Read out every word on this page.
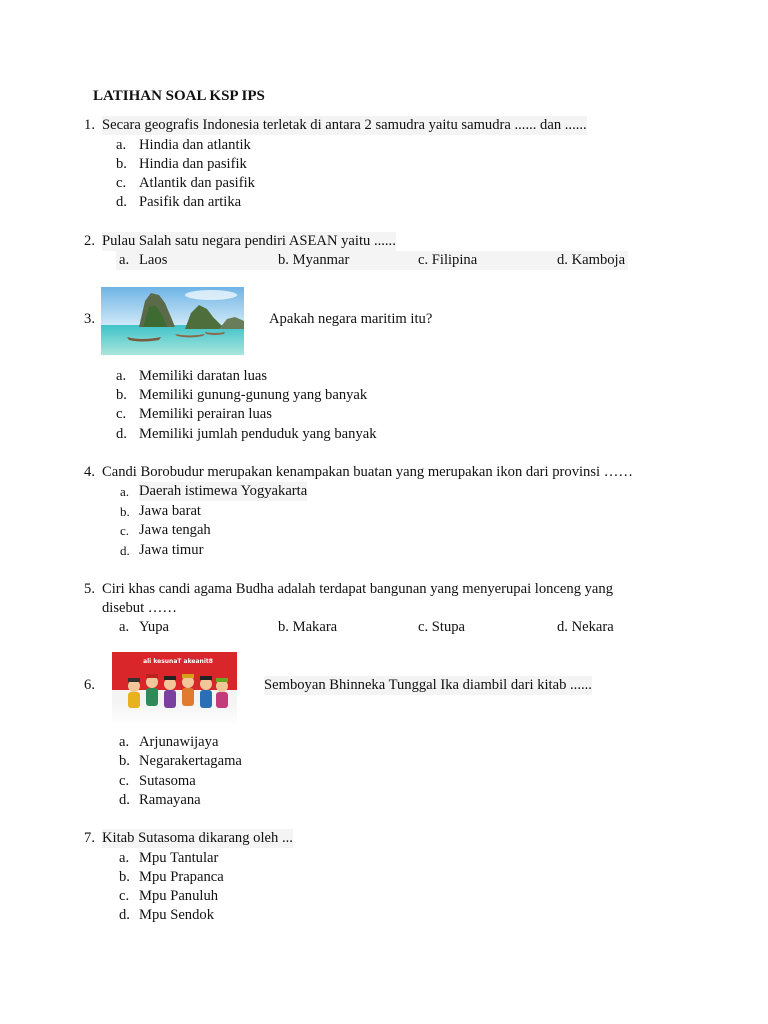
LATIHAN SOAL KSP IPS
1. Secara geografis Indonesia terletak di antara 2 samudra yaitu samudra ...... dan ......
a. Hindia dan atlantik
b. Hindia dan pasifik
c. Atlantik dan pasifik
d. Pasifik dan artika
2. Pulau Salah satu negara pendiri ASEAN yaitu ......
a. Laos	b. Myanmar	c. Filipina	d. Kamboja
3.	Apakah negara maritim itu?
a. Memiliki daratan luas
b. Memiliki gunung-gunung yang banyak
c. Memiliki perairan luas
d. Memiliki jumlah penduduk yang banyak
4. Candi Borobudur merupakan kenampakan buatan yang merupakan ikon dari provinsi ……
a. Daerah istimewa Yogyakarta
b. Jawa barat
c. Jawa tengah
d. Jawa timur
5. Ciri khas candi agama Budha adalah terdapat bangunan yang menyerupai lonceng yang
disebut ……
a. Yupa	b. Makara	c. Stupa	d. Nekara
6.
ali kesunaT akeanit8
Semboyan Bhinneka Tunggal Ika diambil dari kitab ......
a. Arjunawijaya
b. Negarakertagama
c. Sutasoma
d. Ramayana
7. Kitab Sutasoma dikarang oleh ...
a. Mpu Tantular
b. Mpu Prapanca
c. Mpu Panuluh
d. Mpu Sendok
